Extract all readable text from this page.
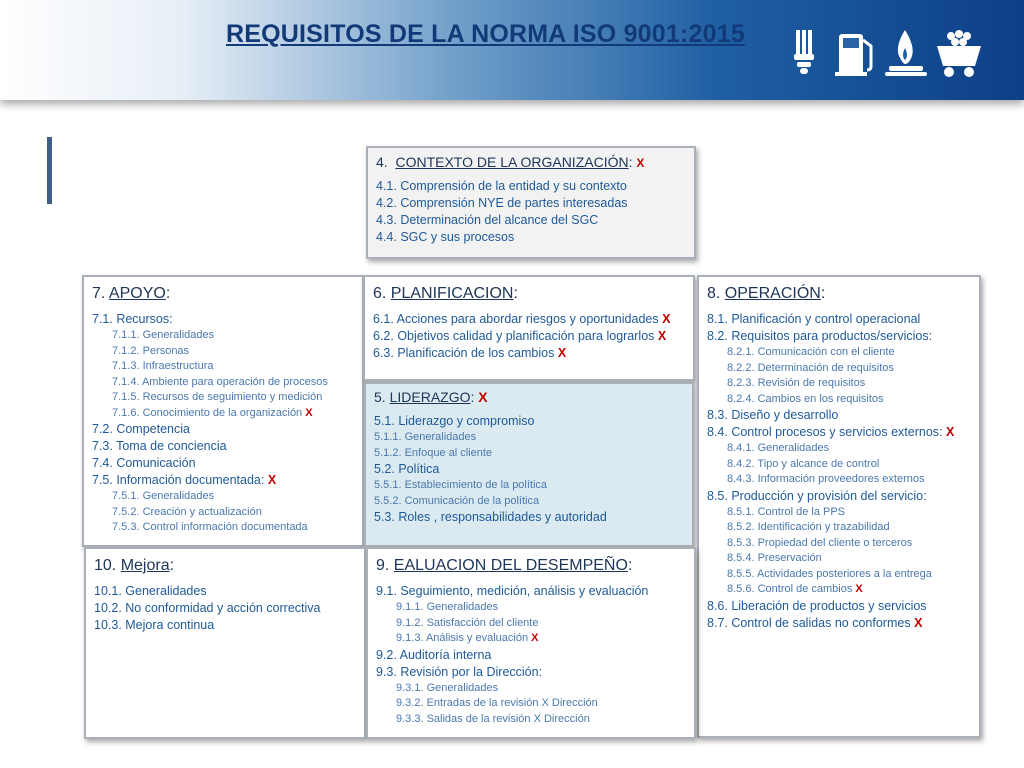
REQUISITOS DE LA NORMA ISO 9001:2015
4. CONTEXTO DE LA ORGANIZACIÓN: X
4.1. Comprensión de la entidad y su contexto
4.2. Comprensión NYE de partes interesadas
4.3. Determinación del alcance del SGC
4.4. SGC y sus procesos
7. APOYO:
7.1. Recursos:
7.1.1. Generalidades
7.1.2. Personas
7.1.3. Infraestructura
7.1.4. Ambiente para operación de procesos
7.1.5. Recursos de seguimiento y medición
7.1.6. Conocimiento de la organización X
7.2. Competencia
7.3. Toma de conciencia
7.4. Comunicación
7.5. Información documentada: X
7.5.1. Generalidades
7.5.2. Creación y actualización
7.5.3. Control información documentada
6. PLANIFICACION:
6.1. Acciones para abordar riesgos y oportunidades X
6.2. Objetivos calidad y planificación para lograrlos X
6.3. Planificación de los cambios X
5. LIDERAZGO: X
5.1. Liderazgo y compromiso
5.1.1. Generalidades
5.1.2. Enfoque al cliente
5.2. Política
5.5.1. Establecimiento de la política
5.5.2. Comunicación de la política
5.3. Roles , responsabilidades y autoridad
8. OPERACIÓN:
8.1. Planificación y control operacional
8.2. Requisitos para productos/servicios:
8.2.1. Comunicación con el cliente
8.2.2. Determinación de requisitos
8.2.3. Revisión de requisitos
8.2.4. Cambios en los requisitos
8.3. Diseño y desarrollo
8.4. Control procesos y servicios externos: X
8.4.1. Generalidades
8.4.2. Tipo y alcance de control
8.4.3. Información proveedores externos
8.5. Producción y provisión del servicio:
8.5.1. Control de la PPS
8.5.2. Identificación y trazabilidad
8.5.3. Propiedad del cliente o terceros
8.5.4. Preservación
8.5.5. Actividades posteriores a la entrega
8.5.6. Control de cambios X
8.6. Liberación de productos y servicios
8.7. Control de salidas no conformes X
10. Mejora:
10.1. Generalidades
10.2. No conformidad y acción correctiva
10.3. Mejora continua
9. EALUACION DEL DESEMPEÑO:
9.1. Seguimiento, medición, análisis y evaluación
9.1.1. Generalidades
9.1.2. Satisfacción del cliente
9.1.3. Análisis y evaluación X
9.2. Auditoría interna
9.3. Revisión por la Dirección:
9.3.1. Generalidades
9.3.2. Entradas de la revisión X Dirección
9.3.3. Salidas de la revisión X Dirección
